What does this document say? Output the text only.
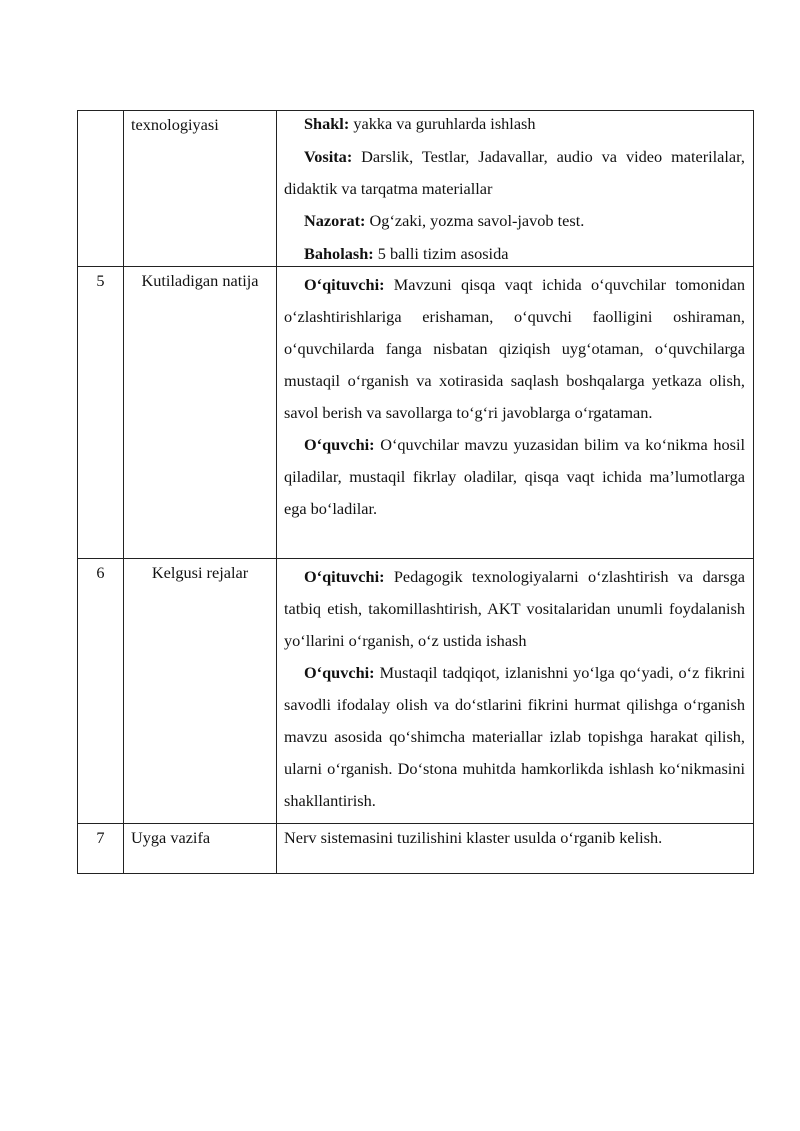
	texnologiyasi	Shakl: yakka va guruhlarda ishlash

Vosita: Darslik, Testlar, Jadavallar, audio va video materilalar, didaktik va tarqatma materiallar

Nazorat: Og‘zaki, yozma savol-javob test.

Baholash: 5 balli tizim asosida

5	Kutiladigan natija	O‘qituvchi: Mavzuni qisqa vaqt ichida o‘quvchilar tomonidan o‘zlashtirishlariga erishaman, o‘quvchi faolligini oshiraman, o‘quvchilarda fanga nisbatan qiziqish uyg‘otaman, o‘quvchilarga mustaqil o‘rganish va xotirasida saqlash boshqalarga yetkaza olish, savol berish va savollarga to‘g‘ri javoblarga o‘rgataman.

O‘quvchi: O‘quvchilar mavzu yuzasidan bilim va ko‘nikma hosil qiladilar, mustaqil fikrlay oladilar, qisqa vaqt ichida ma’lumotlarga ega bo‘ladilar.

6	Kelgusi rejalar	O‘qituvchi: Pedagogik texnologiyalarni o‘zlashtirish va darsga tatbiq etish, takomillashtirish, AKT vositalaridan unumli foydalanish yo‘llarini o‘rganish, o‘z ustida ishash

O‘quvchi: Mustaqil tadqiqot, izlanishni yo‘lga qo‘yadi, o‘z fikrini savodli ifodalay olish va do‘stlarini fikrini hurmat qilishga o‘rganish mavzu asosida qo‘shimcha materiallar izlab topishga harakat qilish, ularni o‘rganish. Do‘stona muhitda hamkorlikda ishlash ko‘nikmasini shakllantirish.

7	Uyga vazifa	Nerv sistemasini tuzilishini klaster usulda o‘rganib kelish.
